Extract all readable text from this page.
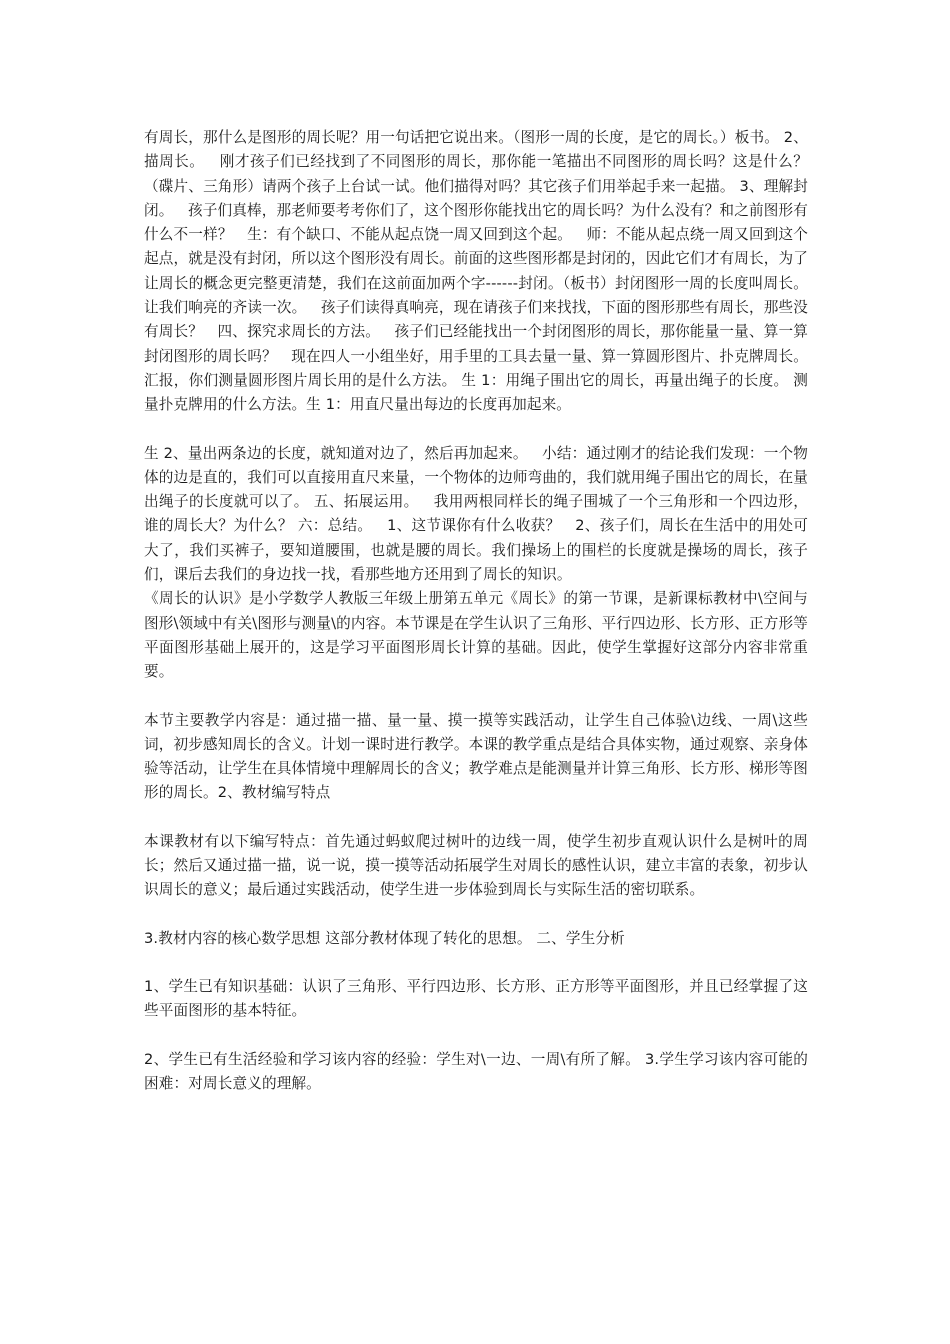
有周长，那什么是图形的周长呢？用一句话把它说出来。（图形一周的长度，是它的周长。）板书。 2、描周长。   刚才孩子们已经找到了不同图形的周长，那你能一笔描出不同图形的周长吗？这是什么？（碟片、三角形）请两个孩子上台试一试。他们描得对吗？其它孩子们用举起手来一起描。 3、理解封闭。   孩子们真棒，那老师要考考你们了，这个图形你能找出它的周长吗？为什么没有？和之前图形有什么不一样？   生：有个缺口、不能从起点饶一周又回到这个起。   师：不能从起点绕一周又回到这个起点，就是没有封闭，所以这个图形没有周长。前面的这些图形都是封闭的，因此它们才有周长，为了让周长的概念更完整更清楚，我们在这前面加两个字------封闭。（板书）封闭图形一周的长度叫周长。让我们响亮的齐读一次。   孩子们读得真响亮，现在请孩子们来找找，下面的图形那些有周长，那些没有周长？   四、探究求周长的方法。   孩子们已经能找出一个封闭图形的周长，那你能量一量、算一算封闭图形的周长吗？   现在四人一小组坐好，用手里的工具去量一量、算一算圆形图片、扑克牌周长。 汇报，你们测量圆形图片周长用的是什么方法。 生 1：用绳子围出它的周长，再量出绳子的长度。 测量扑克牌用的什么方法。生 1：用直尺量出每边的长度再加起来。

生 2、量出两条边的长度，就知道对边了，然后再加起来。   小结：通过刚才的结论我们发现：一个物体的边是直的，我们可以直接用直尺来量，一个物体的边师弯曲的，我们就用绳子围出它的周长，在量出绳子的长度就可以了。 五、拓展运用。   我用两根同样长的绳子围城了一个三角形和一个四边形，谁的周长大？为什么？ 六：总结。   1、这节课你有什么收获？   2、孩子们，周长在生活中的用处可大了，我们买裤子，要知道腰围，也就是腰的周长。我们操场上的围栏的长度就是操场的周长，孩子们，课后去我们的身边找一找，看那些地方还用到了周长的知识。

《周长的认识》是小学数学人教版三年级上册第五单元《周长》的第一节课，是新课标教材中\空间与图形\领域中有关\图形与测量\的内容。本节课是在学生认识了三角形、平行四边形、长方形、正方形等平面图形基础上展开的，这是学习平面图形周长计算的基础。因此，使学生掌握好这部分内容非常重要。

本节主要教学内容是：通过描一描、量一量、摸一摸等实践活动，让学生自己体验\边线、一周\这些词，初步感知周长的含义。计划一课时进行教学。本课的教学重点是结合具体实物，通过观察、亲身体验等活动，让学生在具体情境中理解周长的含义；教学难点是能测量并计算三角形、长方形、梯形等图形的周长。2、教材编写特点

本课教材有以下编写特点：首先通过蚂蚁爬过树叶的边线一周，使学生初步直观认识什么是树叶的周长；然后又通过描一描，说一说，摸一摸等活动拓展学生对周长的感性认识，建立丰富的表象，初步认识周长的意义；最后通过实践活动，使学生进一步体验到周长与实际生活的密切联系。

3.教材内容的核心数学思想 这部分教材体现了转化的思想。 二、学生分析

1、学生已有知识基础：认识了三角形、平行四边形、长方形、正方形等平面图形，并且已经掌握了这些平面图形的基本特征。

2、学生已有生活经验和学习该内容的经验：学生对\一边、一周\有所了解。 3.学生学习该内容可能的困难：对周长意义的理解。
